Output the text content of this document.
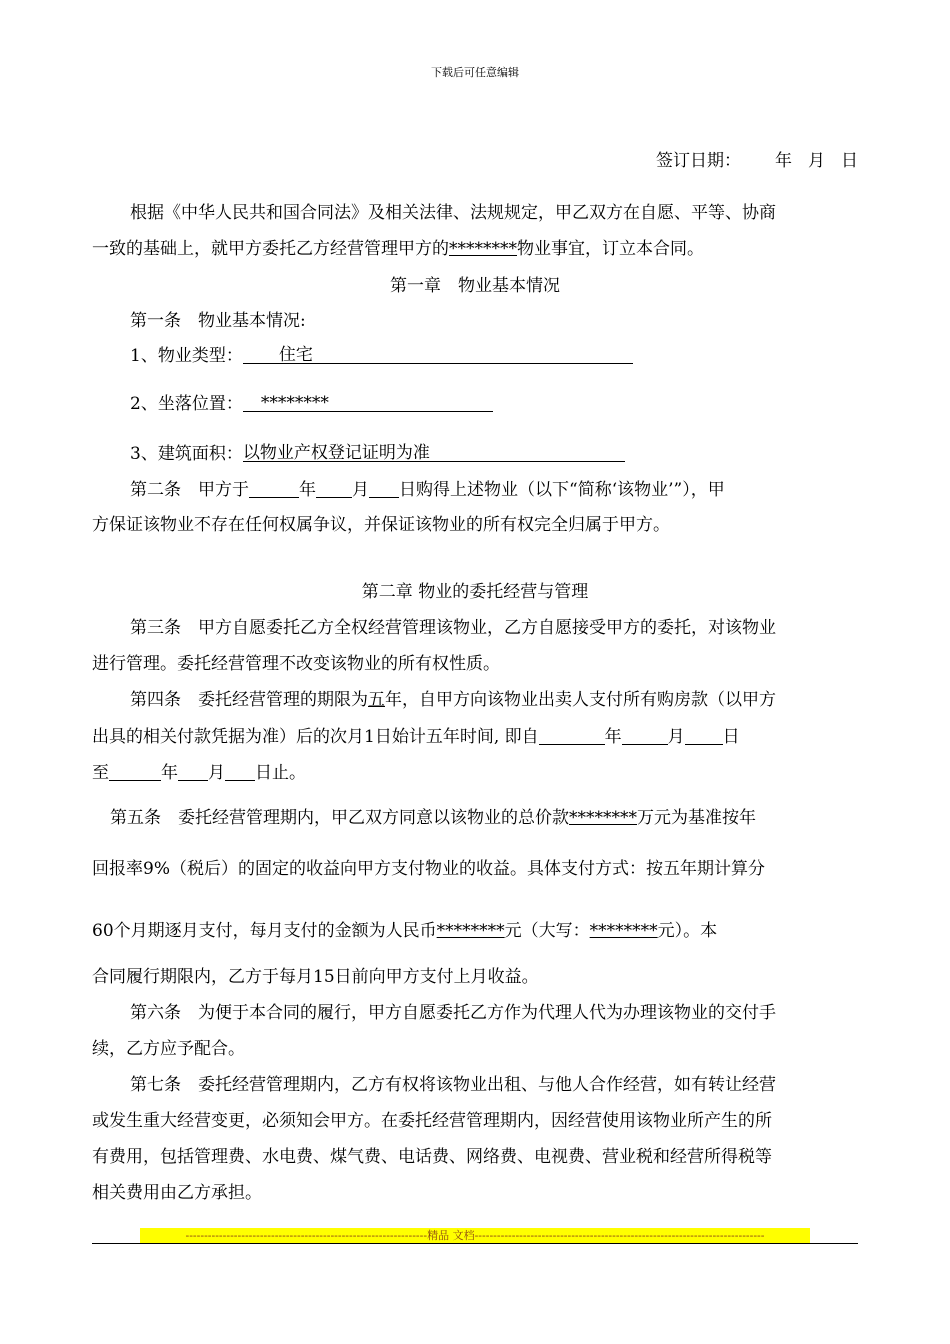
下载后可任意编辑
签订日期： 年 月 日
根据《中华人民共和国合同法》及相关法律、法规规定，甲乙双方在自愿、平等、协商
一致的基础上，就甲方委托乙方经营管理甲方的********物业事宜，订立本合同。
第一章　物业基本情况
第一条　物业基本情况:
1、物业类型： 住宅
2、坐落位置： ********
3、建筑面积： 以物业产权登记证明为准
第二条　甲方于	年 月 日购得上述物业（以下“简称‘该物业’”），甲
方保证该物业不存在任何权属争议，并保证该物业的所有权完全归属于甲方。
第二章 物业的委托经营与管理
第三条　甲方自愿委托乙方全权经营管理该物业，乙方自愿接受甲方的委托，对该物业
进行管理。委托经营管理不改变该物业的所有权性质。
第四条　委托经营管理的期限为五年，自甲方向该物业出卖人支付所有购房款（以甲方
出具的相关付款凭据为准）后的次月1日始计五年时间, 即自	年	月 日
至	年 月 日止。
第五条　委托经营管理期内，甲乙双方同意以该物业的总价款********万元为基准按年
回报率9%（税后）的固定的收益向甲方支付物业的收益。具体支付方式：按五年期计算分
60个月期逐月支付，每月支付的金额为人民币********元（大写：********元）。本
合同履行期限内，乙方于每月15日前向甲方支付上月收益。
第六条　为便于本合同的履行，甲方自愿委托乙方作为代理人代为办理该物业的交付手
续，乙方应予配合。
第七条　委托经营管理期内，乙方有权将该物业出租、与他人合作经营，如有转让经营
或发生重大经营变更，必须知会甲方。在委托经营管理期内，因经营使用该物业所产生的所
有费用，包括管理费、水电费、煤气费、电话费、网络费、电视费、营业税和经营所得税等
相关费用由乙方承担。
-----------------------------------------------------------------精品 文档------------------------------------------------------------------------------
